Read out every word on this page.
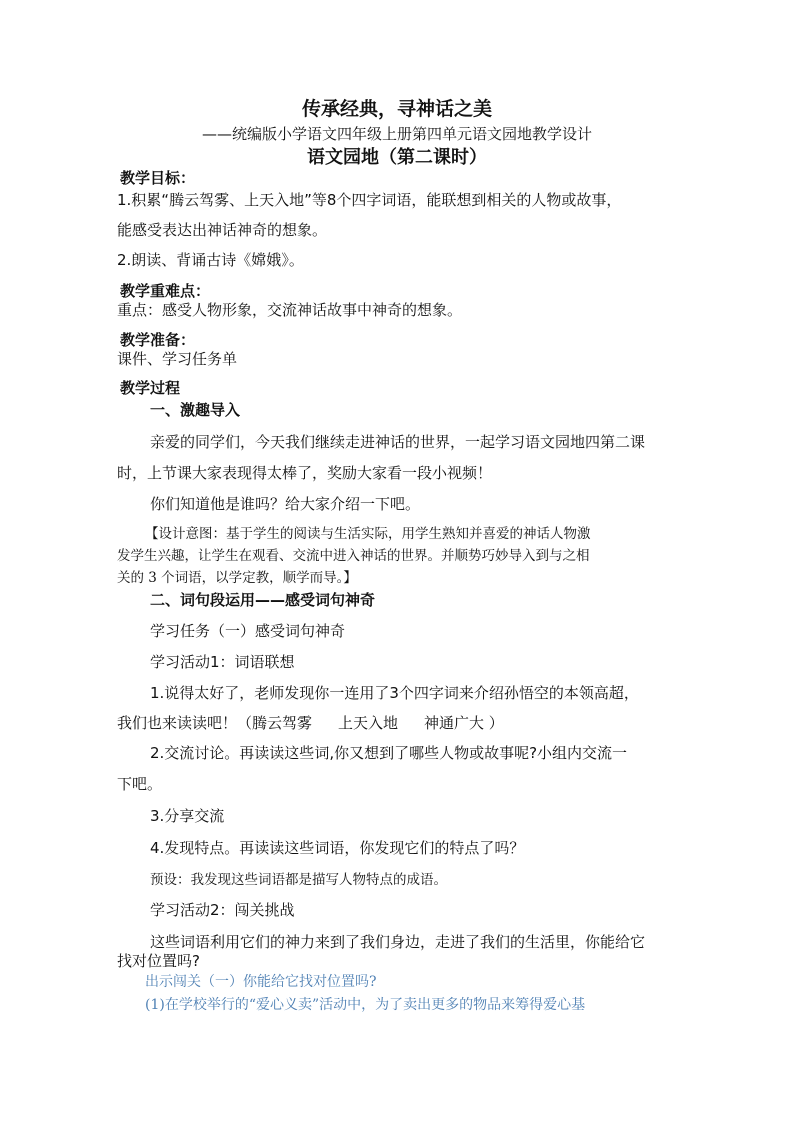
传承经典，寻神话之美
——统编版小学语文四年级上册第四单元语文园地教学设计
语文园地（第二课时）
教学目标：
1.积累“腾云驾雾、上天入地”等8个四字词语，能联想到相关的人物或故事，
能感受表达出神话神奇的想象。
2.朗读、背诵古诗《嫦娥》。
教学重难点：
重点：感受人物形象，交流神话故事中神奇的想象。
教学准备：
课件、学习任务单
教学过程
一、激趣导入
亲爱的同学们，今天我们继续走进神话的世界，一起学习语文园地四第二课
时，上节课大家表现得太棒了，奖励大家看一段小视频！
你们知道他是谁吗？给大家介绍一下吧。
【设计意图：基于学生的阅读与生活实际，用学生熟知并喜爱的神话人物激
发学生兴趣，让学生在观看、交流中进入神话的世界。并顺势巧妙导入到与之相
关的 3 个词语，以学定教，顺学而导。】
二、词句段运用——感受词句神奇
学习任务（一）感受词句神奇
学习活动1：词语联想
1.说得太好了，老师发现你一连用了3个四字词来介绍孙悟空的本领高超，
我们也来读读吧！（腾云驾雾 上天入地 神通广大 ）
2.交流讨论。再读读这些词,你又想到了哪些人物或故事呢?小组内交流一
下吧。
3.分享交流
4.发现特点。再读读这些词语，你发现它们的特点了吗？
预设：我发现这些词语都是描写人物特点的成语。
学习活动2：闯关挑战
这些词语利用它们的神力来到了我们身边，走进了我们的生活里，你能给它
找对位置吗?
出示闯关（一）你能给它找对位置吗?
(1)在学校举行的“爱心义卖”活动中，为了卖出更多的物品来筹得爱心基
